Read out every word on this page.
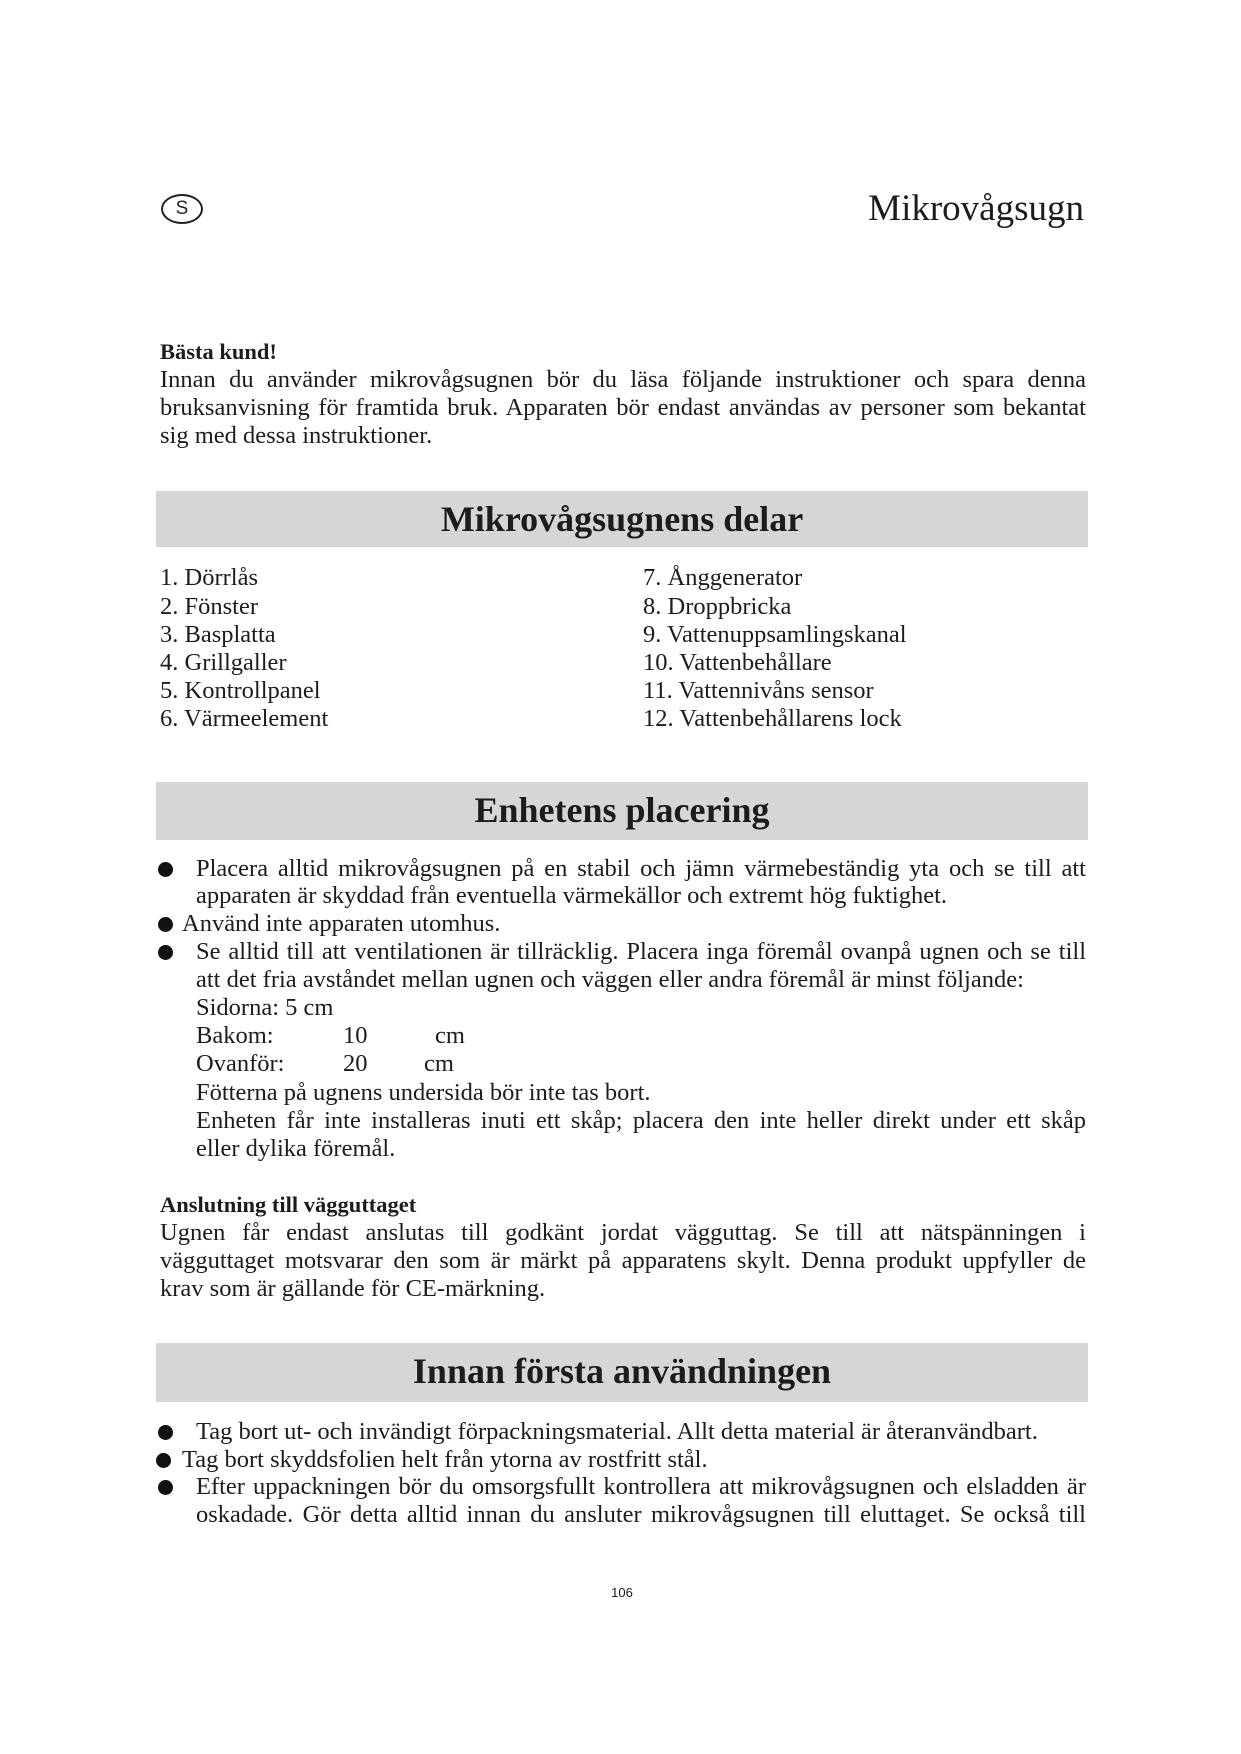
S	Mikrovågsugn
Bästa kund!
Innan du använder mikrovågsugnen bör du läsa följande instruktioner och spara denna
bruksanvisning för framtida bruk. Apparaten bör endast användas av personer som bekantat
sig med dessa instruktioner.
Mikrovågsugnens delar
1. Dörrlås
2. Fönster
3. Basplatta
4. Grillgaller
5. Kontrollpanel
6. Värmeelement
7. Ånggenerator
8. Droppbricka
9. Vattenuppsamlingskanal
10. Vattenbehållare
11. Vattennivåns sensor
12. Vattenbehållarens lock
Enhetens placering
Placera alltid mikrovågsugnen på en stabil och jämn värmebeständig yta och se till att
apparaten är skyddad från eventuella värmekällor och extremt hög fuktighet.
Använd inte apparaten utomhus.
Se alltid till att ventilationen är tillräcklig. Placera inga föremål ovanpå ugnen och se till
att det fria avståndet mellan ugnen och väggen eller andra föremål är minst följande:
Sidorna: 5 cm
Bakom:	10	cm
Ovanför: 20 cm
Fötterna på ugnens undersida bör inte tas bort.
Enheten får inte installeras inuti ett skåp; placera den inte heller direkt under ett skåp
eller dylika föremål.
Anslutning till vägguttaget
Ugnen får endast anslutas till godkänt jordat vägguttag. Se till att nätspänningen i
vägguttaget motsvarar den som är märkt på apparatens skylt. Denna produkt uppfyller de
krav som är gällande för CE-märkning.
Innan första användningen
Tag bort ut- och invändigt förpackningsmaterial. Allt detta material är återanvändbart.
Tag bort skyddsfolien helt från ytorna av rostfritt stål.
Efter uppackningen bör du omsorgsfullt kontrollera att mikrovågsugnen och elsladden är
oskadade. Gör detta alltid innan du ansluter mikrovågsugnen till eluttaget. Se också till
106
